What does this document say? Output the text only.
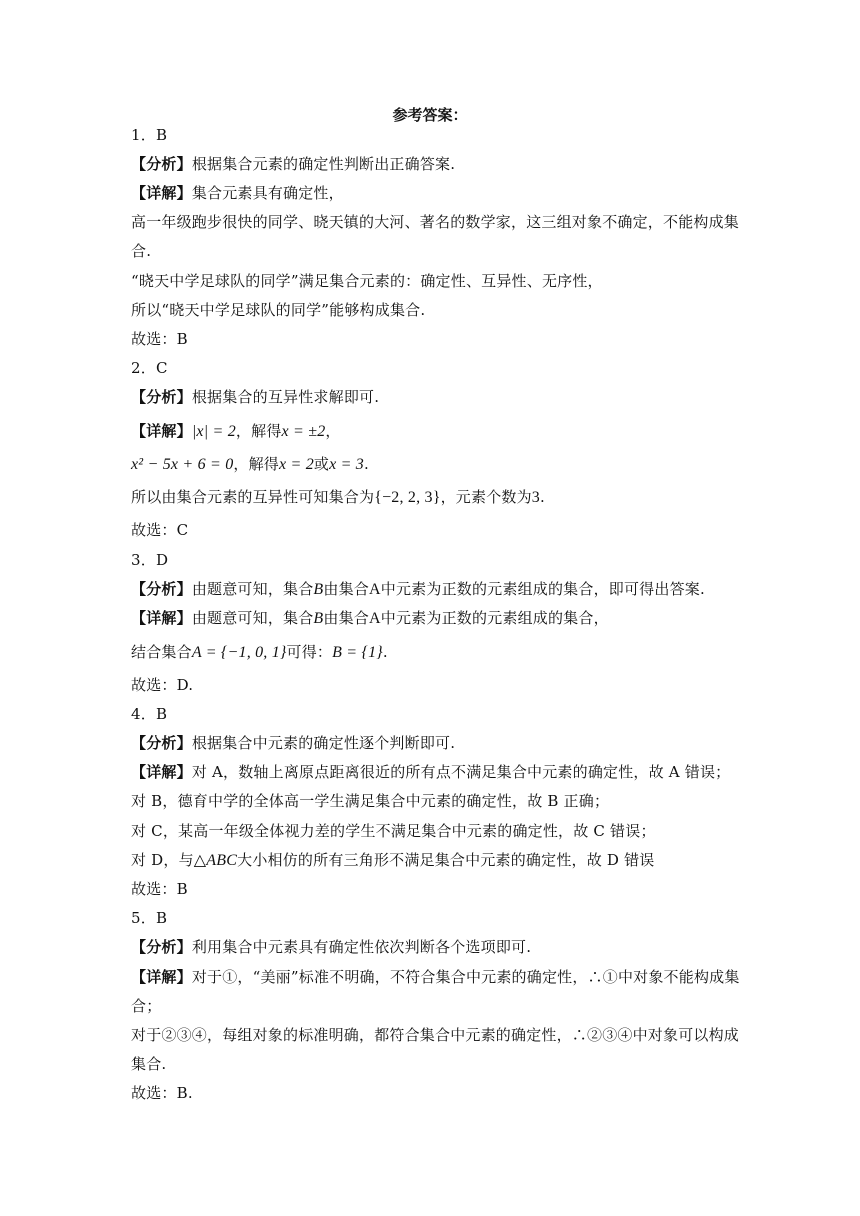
参考答案：
1．B
【分析】根据集合元素的确定性判断出正确答案.
【详解】集合元素具有确定性，
高一年级跑步很快的同学、晓天镇的大河、著名的数学家，这三组对象不确定，不能构成集
合.
“晓天中学足球队的同学”满足集合元素的：确定性、互异性、无序性，
所以“晓天中学足球队的同学”能够构成集合.
故选：B
2．C
【分析】根据集合的互异性求解即可.
【详解】|x| = 2，解得x = ±2，
x² − 5x + 6 = 0，解得x = 2或x = 3.
所以由集合元素的互异性可知集合为{−2, 2, 3}，元素个数为3.
故选：C
3．D
【分析】由题意可知，集合B由集合A中元素为正数的元素组成的集合，即可得出答案.
【详解】由题意可知，集合B由集合A中元素为正数的元素组成的集合，
结合集合A = {−1, 0, 1}可得：B = {1}.
故选：D.
4．B
【分析】根据集合中元素的确定性逐个判断即可.
【详解】对 A，数轴上离原点距离很近的所有点不满足集合中元素的确定性，故 A 错误；
对 B，德育中学的全体高一学生满足集合中元素的确定性，故 B 正确；
对 C，某高一年级全体视力差的学生不满足集合中元素的确定性，故 C 错误；
对 D，与△ABC大小相仿的所有三角形不满足集合中元素的确定性，故 D 错误
故选：B
5．B
【分析】利用集合中元素具有确定性依次判断各个选项即可.
【详解】对于①，“美丽”标准不明确，不符合集合中元素的确定性，∴①中对象不能构成集
合；
对于②③④，每组对象的标准明确，都符合集合中元素的确定性，∴②③④中对象可以构成
集合.
故选：B.
